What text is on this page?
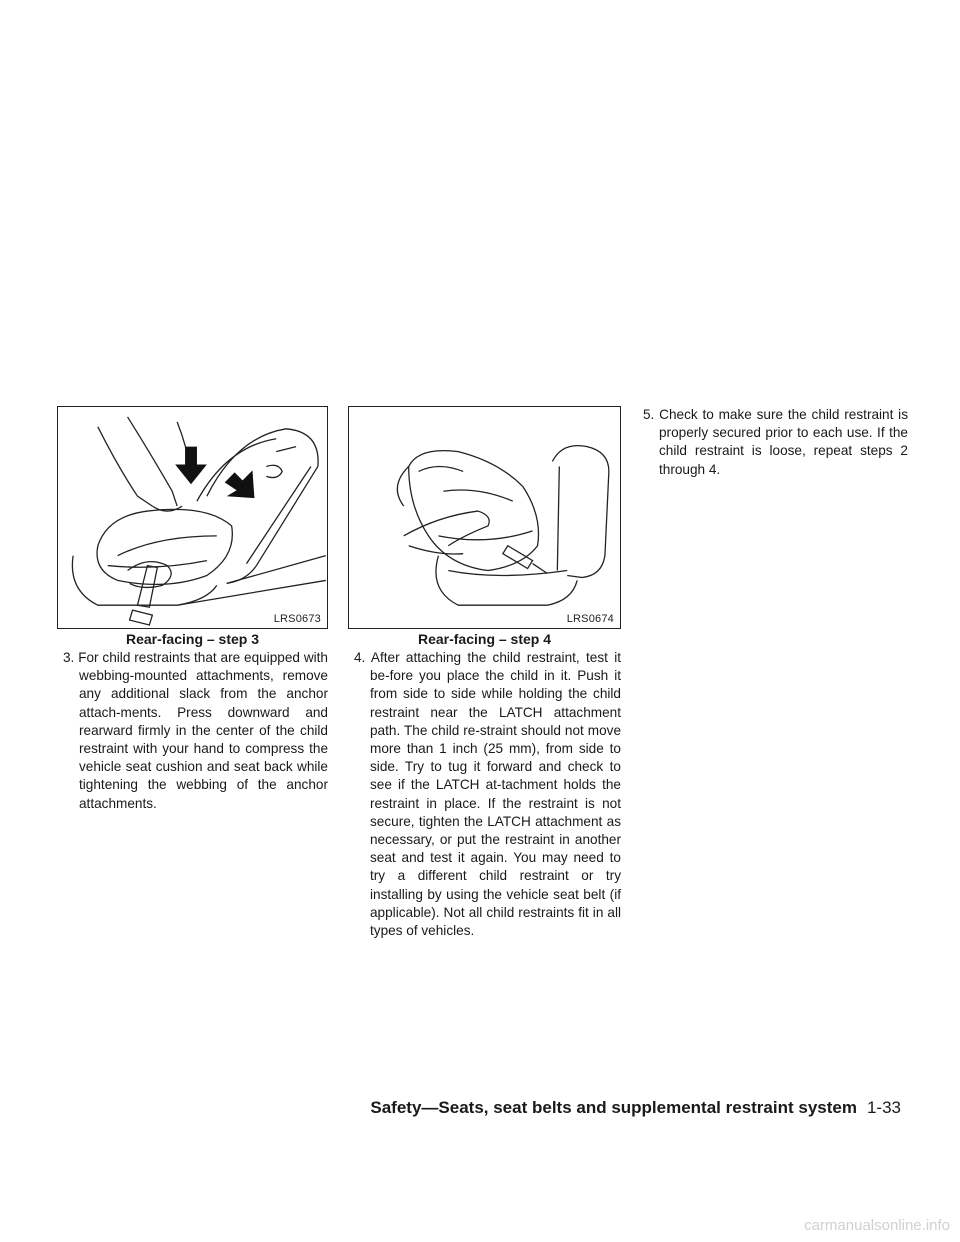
LRS0673
Rear-facing – step 3
LRS0674
Rear-facing – step 4

3. For child restraints that are equipped with webbing-mounted attachments, remove any additional slack from the anchor attach-ments. Press downward and rearward firmly in the center of the child restraint with your hand to compress the vehicle seat cushion and seat back while tightening the webbing of the anchor attachments.

4. After attaching the child restraint, test it be-fore you place the child in it. Push it from side to side while holding the child restraint near the LATCH attachment path. The child re-straint should not move more than 1 inch (25 mm), from side to side. Try to tug it forward and check to see if the LATCH at-tachment holds the restraint in place. If the restraint is not secure, tighten the LATCH attachment as necessary, or put the restraint in another seat and test it again. You may need to try a different child restraint or try installing by using the vehicle seat belt (if applicable). Not all child restraints fit in all types of vehicles.

5. Check to make sure the child restraint is properly secured prior to each use. If the child restraint is loose, repeat steps 2 through 4.

Safety—Seats, seat belts and supplemental restraint system 1-33
carmanualsonline.info
